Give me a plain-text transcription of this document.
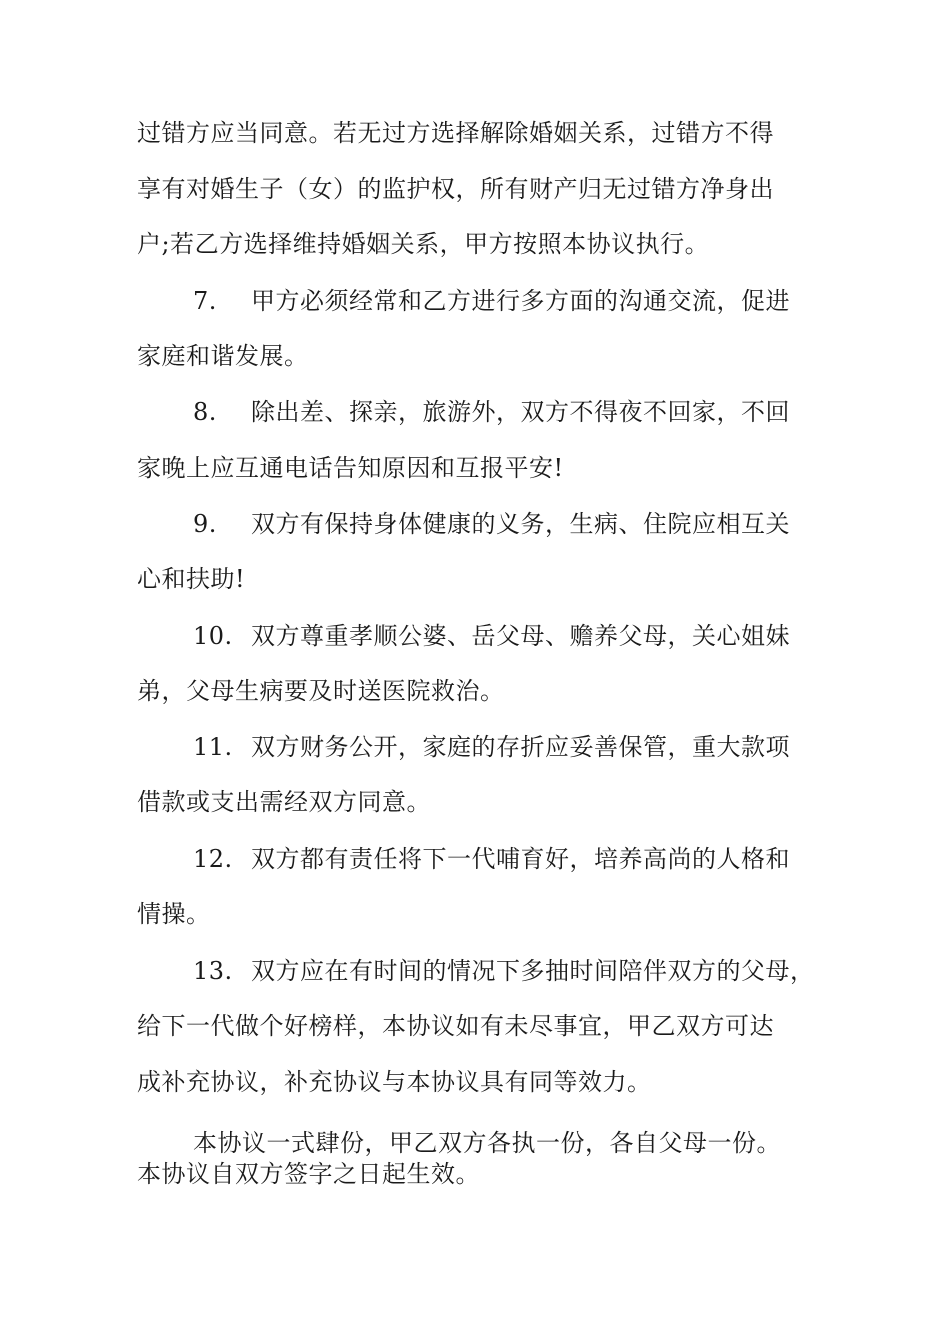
过错方应当同意。若无过方选择解除婚姻关系，过错方不得
享有对婚生子（女）的监护权，所有财产归无过错方净身出
户;若乙方选择维持婚姻关系，甲方按照本协议执行。
7. 甲方必须经常和乙方进行多方面的沟通交流，促进
家庭和谐发展。
8. 除出差、探亲，旅游外，双方不得夜不回家，不回
家晚上应互通电话告知原因和互报平安!
9. 双方有保持身体健康的义务，生病、住院应相互关
心和扶助!
10. 双方尊重孝顺公婆、岳父母、赡养父母，关心姐妹
弟，父母生病要及时送医院救治。
11. 双方财务公开，家庭的存折应妥善保管，重大款项
借款或支出需经双方同意。
12. 双方都有责任将下一代哺育好，培养高尚的人格和
情操。
13. 双方应在有时间的情况下多抽时间陪伴双方的父母，
给下一代做个好榜样，本协议如有未尽事宜，甲乙双方可达
成补充协议，补充协议与本协议具有同等效力。
本协议一式肆份，甲乙双方各执一份，各自父母一份。
本协议自双方签字之日起生效。
